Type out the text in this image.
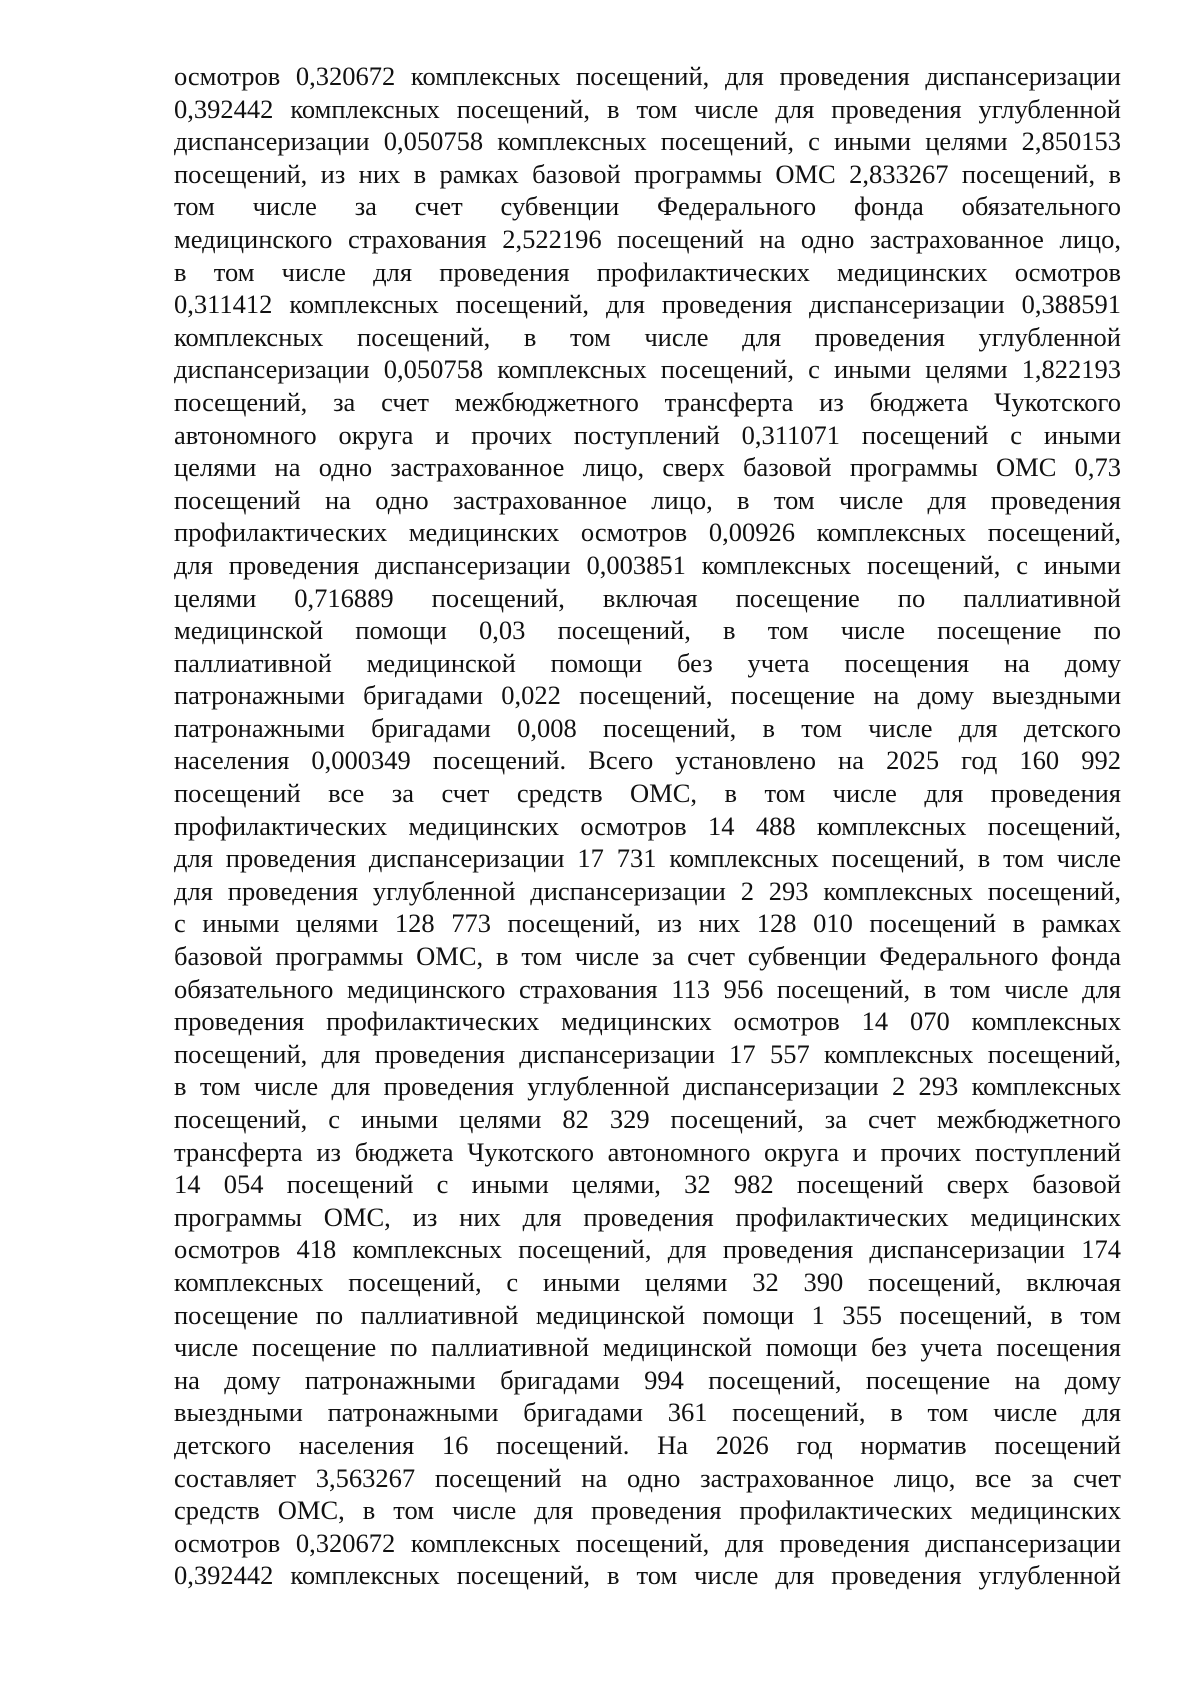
осмотров 0,320672 комплексных посещений, для проведения диспансеризации
0,392442 комплексных посещений, в том числе для проведения углубленной
диспансеризации 0,050758 комплексных посещений, с иными целями 2,850153
посещений, из них в рамках базовой программы ОМС 2,833267 посещений, в
том числе за счет субвенции Федерального фонда обязательного
медицинского страхования 2,522196 посещений на одно застрахованное лицо,
в том числе для проведения профилактических медицинских осмотров
0,311412 комплексных посещений, для проведения диспансеризации 0,388591
комплексных посещений, в том числе для проведения углубленной
диспансеризации 0,050758 комплексных посещений, с иными целями 1,822193
посещений, за счет межбюджетного трансферта из бюджета Чукотского
автономного округа и прочих поступлений 0,311071 посещений с иными
целями на одно застрахованное лицо, сверх базовой программы ОМС 0,73
посещений на одно застрахованное лицо, в том числе для проведения
профилактических медицинских осмотров 0,00926 комплексных посещений,
для проведения диспансеризации 0,003851 комплексных посещений, с иными
целями 0,716889 посещений, включая посещение по паллиативной
медицинской помощи 0,03 посещений, в том числе посещение по
паллиативной медицинской помощи без учета посещения на дому
патронажными бригадами 0,022 посещений, посещение на дому выездными
патронажными бригадами 0,008 посещений, в том числе для детского
населения 0,000349 посещений. Всего установлено на 2025 год 160 992
посещений все за счет средств ОМС, в том числе для проведения
профилактических медицинских осмотров 14 488 комплексных посещений,
для проведения диспансеризации 17 731 комплексных посещений, в том числе
для проведения углубленной диспансеризации 2 293 комплексных посещений,
с иными целями 128 773 посещений, из них 128 010 посещений в рамках
базовой программы ОМС, в том числе за счет субвенции Федерального фонда
обязательного медицинского страхования 113 956 посещений, в том числе для
проведения профилактических медицинских осмотров 14 070 комплексных
посещений, для проведения диспансеризации 17 557 комплексных посещений,
в том числе для проведения углубленной диспансеризации 2 293 комплексных
посещений, с иными целями 82 329 посещений, за счет межбюджетного
трансферта из бюджета Чукотского автономного округа и прочих поступлений
14 054 посещений с иными целями, 32 982 посещений сверх базовой
программы ОМС, из них для проведения профилактических медицинских
осмотров 418 комплексных посещений, для проведения диспансеризации 174
комплексных посещений, с иными целями 32 390 посещений, включая
посещение по паллиативной медицинской помощи 1 355 посещений, в том
числе посещение по паллиативной медицинской помощи без учета посещения
на дому патронажными бригадами 994 посещений, посещение на дому
выездными патронажными бригадами 361 посещений, в том числе для
детского населения 16 посещений. На 2026 год норматив посещений
составляет 3,563267 посещений на одно застрахованное лицо, все за счет
средств ОМС, в том числе для проведения профилактических медицинских
осмотров 0,320672 комплексных посещений, для проведения диспансеризации
0,392442 комплексных посещений, в том числе для проведения углубленной
